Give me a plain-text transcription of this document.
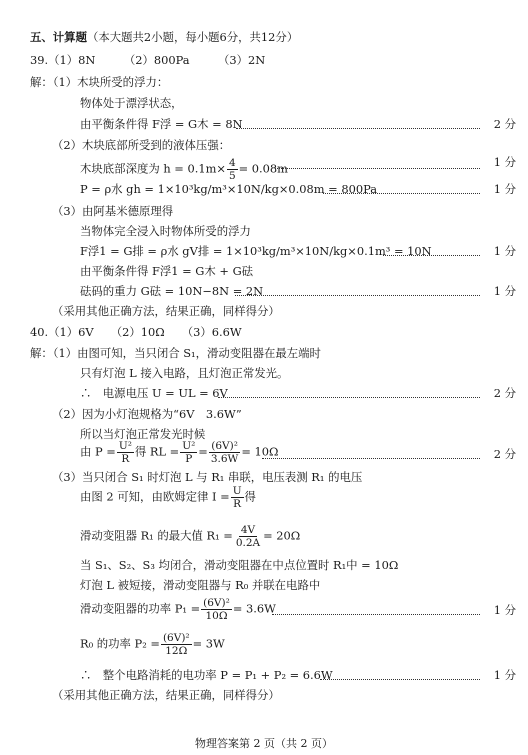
五、计算题（本大题共2小题，每小题6分，共12分）
39.（1）8N　　　（2）800Pa　　　（3）2N
解：（1）木块所受的浮力：
物体处于漂浮状态，
由平衡条件得 F浮 = G木 = 8N	2 分
（2）木块底部所受到的液体压强：
木块底部深度为 $h = 0.1m\times \frac{4}{5} = 0.08m$	1 分
P = ρ水 gh = 1×10³kg/m³×10N/kg×0.08m = 800Pa	1 分
（3）由阿基米德原理得
当物体完全浸入时物体所受的浮力
F浮1 = G排 = ρ水 gV排 = 1×10³kg/m³×10N/kg×0.1m³ = 10N	1 分
由平衡条件得 F浮1 = G木 + G砝
砝码的重力 G砝 = 10N−8N = 2N	1 分
（采用其他正确方法，结果正确，同样得分）
40.（1）6V　　（2）10Ω　　（3）6.6W
解：（1）由图可知，当只闭合 S₁，滑动变阻器在最左端时
只有灯泡 L 接入电路，且灯泡正常发光。
∴　电源电压 U = UL = 6V	2 分
（2）因为小灯泡规格为“6V　3.6W”
所以当灯泡正常发光时候
由 $P = \frac{\text{U²}}{R}$ 得 RL = $\frac{\text{U²}}{P} = \frac{\text{(6V)²}}{3.6W} = 10\Omega$	2 分
（3）当只闭合 S₁ 时灯泡 L 与 R₁ 串联，电压表测 R₁ 的电压
由图 2 可知，由欧姆定律 $I = \frac{U}{R}$ 得
滑动变阻器 R₁ 的最大值 $R_1 = \frac{4V}{0.2A} = 20\Omega$
当 S₁、S₂、S₃ 均闭合，滑动变阻器在中点位置时 R₁中 = 10Ω
灯泡 L 被短接，滑动变阻器与 R₀ 并联在电路中
滑动变阻器的功率 $P_1 = \frac{\text{(6V)²}}{10\Omega} = 3.6W$	1 分
R₀ 的功率 $P_2 = \frac{\text{(6V)²}}{12\Omega} = 3W$
∴　整个电路消耗的电功率 P = P₁ + P₂ = 6.6W	1 分
（采用其他正确方法，结果正确，同样得分）
物理答案第 2 页（共 2 页）
